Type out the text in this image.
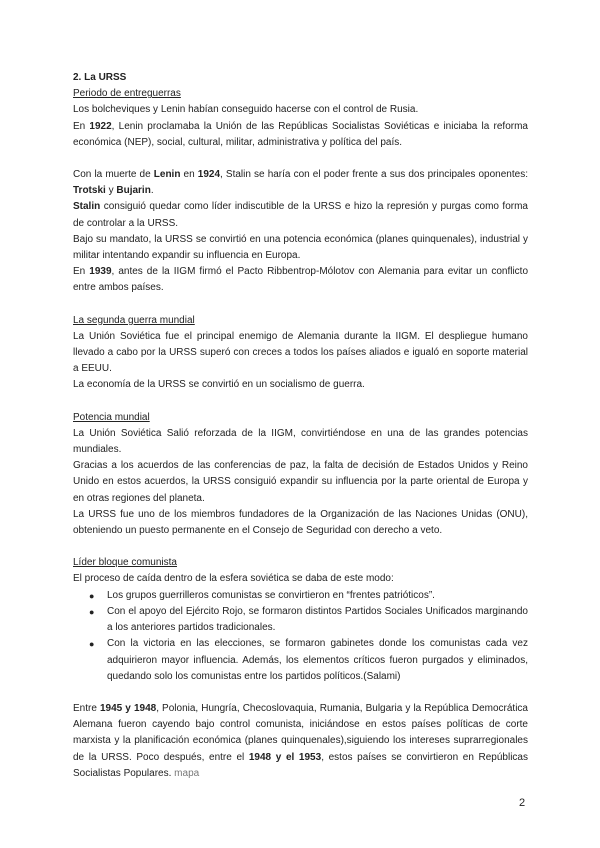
2. La URSS

Periodo de entreguerras

Los bolcheviques y Lenin habían conseguido hacerse con el control de Rusia.

En 1922, Lenin proclamaba la Unión de las Repúblicas Socialistas Soviéticas e iniciaba la reforma económica (NEP), social, cultural, militar, administrativa y política del país.

Con la muerte de Lenin en 1924, Stalin se haría con el poder frente a sus dos principales oponentes: Trotski y Bujarin.

Stalin consiguió quedar como líder indiscutible de la URSS e hizo la represión y purgas como forma de controlar a la URSS.

Bajo su mandato, la URSS se convirtió en una potencia económica (planes quinquenales), industrial y militar intentando expandir su influencia en Europa.

En 1939, antes de la IIGM firmó el Pacto Ribbentrop-Mólotov con Alemania para evitar un conflicto entre ambos países.

La segunda guerra mundial

La Unión Soviética fue el principal enemigo de Alemania durante la IIGM. El despliegue humano llevado a cabo por la URSS superó con creces a todos los países aliados e igualó en soporte material a EEUU.

La economía de la URSS se convirtió en un socialismo de guerra.

Potencia mundial

La Unión Soviética Salió reforzada de la IIGM, convirtiéndose en una de las grandes potencias mundiales.

Gracias a los acuerdos de las conferencias de paz, la falta de decisión de Estados Unidos y Reino Unido en estos acuerdos, la URSS consiguió expandir su influencia por la parte oriental de Europa y en otras regiones del planeta.

La URSS fue uno de los miembros fundadores de la Organización de las Naciones Unidas (ONU), obteniendo un puesto permanente en el Consejo de Seguridad con derecho a veto.

Líder bloque comunista

El proceso de caída dentro de la esfera soviética se daba de este modo:

● Los grupos guerrilleros comunistas se convirtieron en “frentes patrióticos”.
● Con el apoyo del Ejército Rojo, se formaron distintos Partidos Sociales Unificados marginando a los anteriores partidos tradicionales.
● Con la victoria en las elecciones, se formaron gabinetes donde los comunistas cada vez adquirieron mayor influencia. Además, los elementos críticos fueron purgados y eliminados, quedando solo los comunistas entre los partidos políticos.(Salami)

Entre 1945 y 1948, Polonia, Hungría, Checoslovaquia, Rumania, Bulgaria y la República Democrática Alemana fueron cayendo bajo control comunista, iniciándose en estos países políticas de corte marxista y la planificación económica (planes quinquenales),siguiendo los intereses suprarregionales de la URSS. Poco después, entre el 1948 y el 1953, estos países se convirtieron en Repúblicas Socialistas Populares. mapa

2
